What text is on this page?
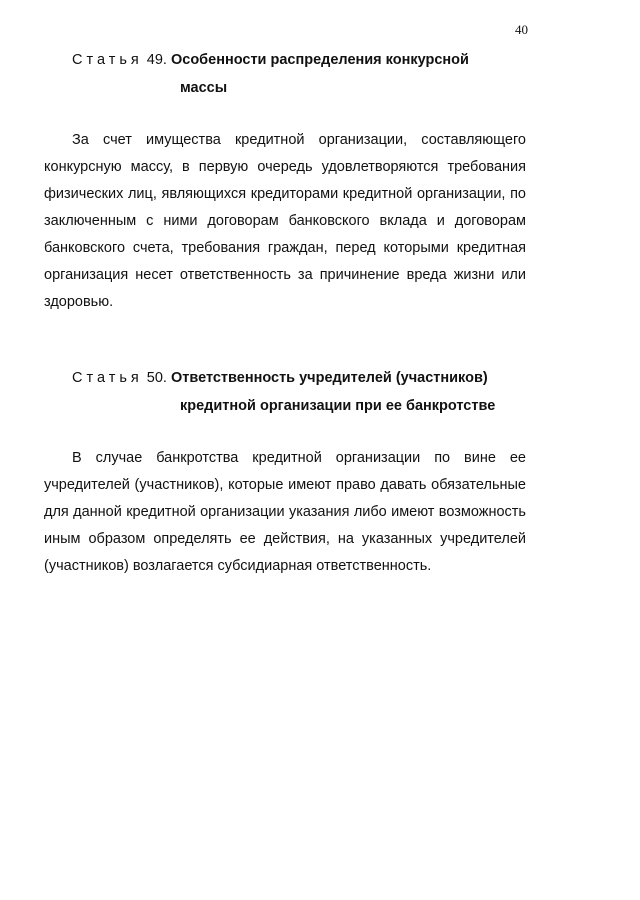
40
Статья 49. Особенности распределения конкурсной
массы

За счет имущества кредитной организации, составляющего конкурсную массу, в первую очередь удовлетворяются требования физических лиц, являющихся кредиторами кредитной организации, по заключенным с ними договорам банковского вклада и договорам банковского счета, требования граждан, перед которыми кредитная организация несет ответственность за причинение вреда жизни или здоровью.

Статья 50. Ответственность учредителей (участников)
кредитной организации при ее банкротстве

В случае банкротства кредитной организации по вине ее учредителей (участников), которые имеют право давать обязательные для данной кредитной организации указания либо имеют возможность иным образом определять ее действия, на указанных учредителей (участников) возлагается субсидиарная ответственность.
